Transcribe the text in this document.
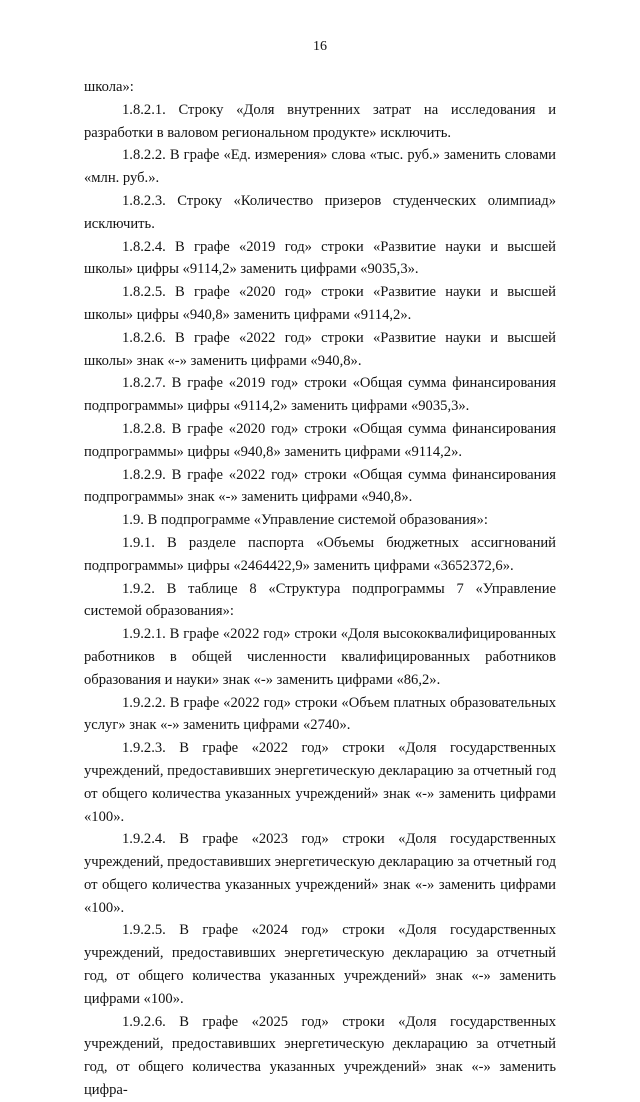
16

школа»:

1.8.2.1. Строку «Доля внутренних затрат на исследования и разработки в валовом региональном продукте» исключить.

1.8.2.2. В графе «Ед. измерения» слова «тыс. руб.» заменить словами «млн. руб.».

1.8.2.3. Строку «Количество призеров студенческих олимпиад» исключить.

1.8.2.4. В графе «2019 год» строки «Развитие науки и высшей школы» цифры «9114,2» заменить цифрами «9035,3».

1.8.2.5. В графе «2020 год» строки «Развитие науки и высшей школы» цифры «940,8» заменить цифрами «9114,2».

1.8.2.6. В графе «2022 год» строки «Развитие науки и высшей школы» знак «-» заменить цифрами «940,8».

1.8.2.7. В графе «2019 год» строки «Общая сумма финансирования подпрограммы» цифры «9114,2» заменить цифрами «9035,3».

1.8.2.8. В графе «2020 год» строки «Общая сумма финансирования подпрограммы» цифры «940,8» заменить цифрами «9114,2».

1.8.2.9. В графе «2022 год» строки «Общая сумма финансирования подпрограммы» знак «-» заменить цифрами «940,8».

1.9. В подпрограмме «Управление системой образования»:

1.9.1. В разделе паспорта «Объемы бюджетных ассигнований подпрограммы» цифры «2464422,9» заменить цифрами «3652372,6».

1.9.2. В таблице 8 «Структура подпрограммы 7 «Управление системой образования»:

1.9.2.1. В графе «2022 год» строки «Доля высококвалифицированных работников в общей численности квалифицированных работников образования и науки» знак «-» заменить цифрами «86,2».

1.9.2.2. В графе «2022 год» строки «Объем платных образовательных услуг» знак «-» заменить цифрами «2740».

1.9.2.3. В графе «2022 год» строки «Доля государственных учреждений, предоставивших энергетическую декларацию за отчетный год от общего количества указанных учреждений» знак «-» заменить цифрами «100».

1.9.2.4. В графе «2023 год» строки «Доля государственных учреждений, предоставивших энергетическую декларацию за отчетный год от общего количества указанных учреждений» знак «-» заменить цифрами «100».

1.9.2.5. В графе «2024 год» строки «Доля государственных учреждений, предоставивших энергетическую декларацию за отчетный год, от общего количества указанных учреждений» знак «-» заменить цифрами «100».

1.9.2.6. В графе «2025 год» строки «Доля государственных учреждений, предоставивших энергетическую декларацию за отчетный год, от общего количества указанных учреждений» знак «-» заменить цифра-
